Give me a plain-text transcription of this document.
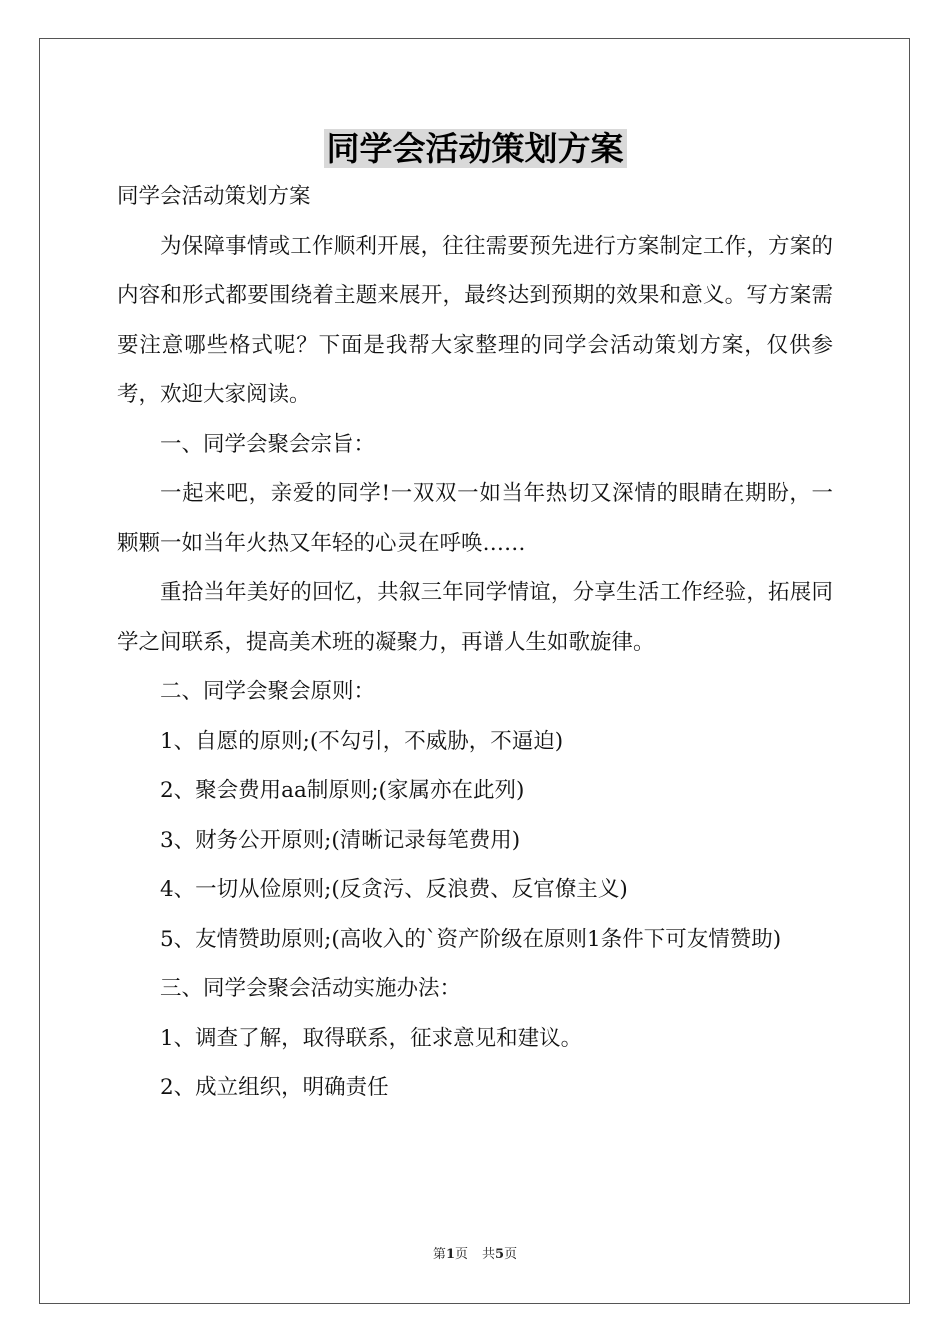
同学会活动策划方案

同学会活动策划方案

为保障事情或工作顺利开展，往往需要预先进行方案制定工作，方案的内容和形式都要围绕着主题来展开，最终达到预期的效果和意义。写方案需要注意哪些格式呢？下面是我帮大家整理的同学会活动策划方案，仅供参考，欢迎大家阅读。

一、同学会聚会宗旨：

一起来吧，亲爱的同学!一双双一如当年热切又深情的眼睛在期盼，一颗颗一如当年火热又年轻的心灵在呼唤……

重拾当年美好的回忆，共叙三年同学情谊，分享生活工作经验，拓展同学之间联系，提高美术班的凝聚力，再谱人生如歌旋律。

二、同学会聚会原则：

1、自愿的原则;(不勾引，不威胁，不逼迫)

2、聚会费用aa制原则;(家属亦在此列)

3、财务公开原则;(清晰记录每笔费用)

4、一切从俭原则;(反贪污、反浪费、反官僚主义)

5、友情赞助原则;(高收入的`资产阶级在原则1条件下可友情赞助)

三、同学会聚会活动实施办法：

1、调查了解，取得联系，征求意见和建议。

2、成立组织，明确责任

第1页 共5页
